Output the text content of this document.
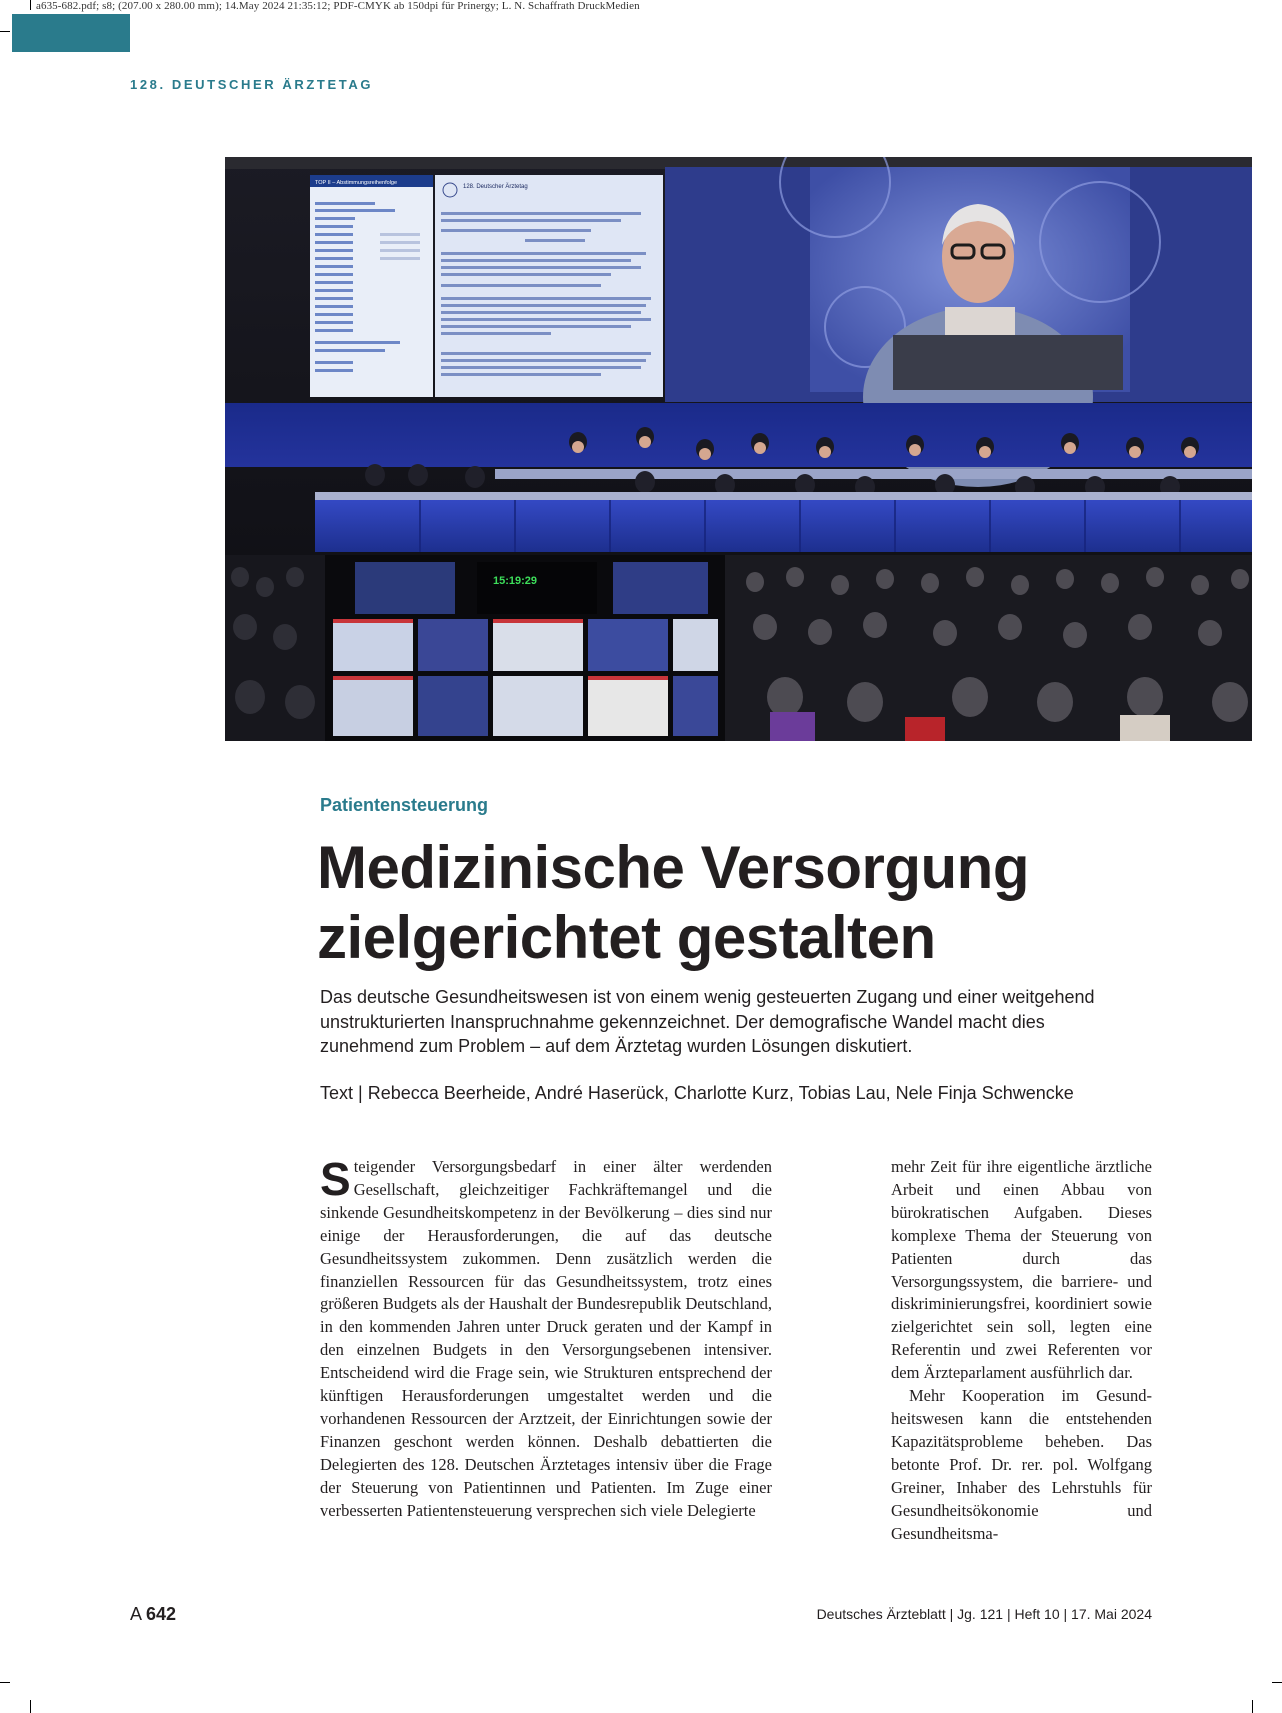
a635-682.pdf; s8; (207.00 x 280.00 mm); 14.May 2024 21:35:12; PDF-CMYK ab 150dpi für Prinergy; L. N. Schaffrath DruckMedien
128. DEUTSCHER ÄRZTETAG
TOP II – Abstimmungsreihenfolge
128. Deutscher Ärztetag
15:19:29
Patientensteuerung
Medizinische Versorgung
zielgerichtet gestalten
Das deutsche Gesundheitswesen ist von einem wenig gesteuerten Zugang und einer weitgehend unstrukturierten Inanspruchnahme gekennzeichnet. Der demografische Wandel macht dies zunehmend zum Problem – auf dem Ärztetag wurden Lösungen diskutiert.
Text | Rebecca Beerheide, André Haserück, Charlotte Kurz, Tobias Lau, Nele Finja Schwencke

Steigender Versorgungsbedarf in einer älter werdenden Gesellschaft, gleichzeitiger Fachkräftemangel und die sinkende Gesundheitskompetenz in der Bevölkerung – dies sind nur einige der Herausforderungen, die auf das deutsche Gesundheitssystem zukommen. Denn zusätzlich werden die finanziellen Ressourcen für das Gesundheitssystem, trotz eines größeren Budgets als der Haushalt der Bundesrepublik Deutschland, in den kommenden Jahren unter Druck geraten und der Kampf in den einzelnen Budgets in den Versorgungsebenen intensiver. Entscheidend wird die Frage sein, wie Strukturen entsprechend der künftigen Herausforderungen umgestaltet werden und die vorhandenen Ressourcen der Arztzeit, der Einrichtungen sowie der Finanzen geschont werden können. Deshalb debattierten die Delegierten des 128. Deutschen Ärztetages intensiv über die Frage der Steuerung von Patientinnen und Patienten. Im Zuge einer verbesserten Patientensteuerung versprechen sich viele Delegierte

mehr Zeit für ihre eigentliche ärztliche Arbeit und einen Abbau von bürokratischen Aufgaben. Dieses komplexe Thema der Steuerung von Patienten durch das Versorgungssystem, die barriere- und diskriminierungsfrei, koordiniert sowie zielgerichtet sein soll, legten eine Referentin und zwei Referenten vor dem Ärzteparlament ausführlich dar.

Mehr Kooperation im Gesundheitswesen kann die entstehenden Kapazitätsprobleme beheben. Das betonte Prof. Dr. rer. pol. Wolfgang Greiner, Inhaber des Lehrstuhls für Gesundheitsökonomie und Gesundheitsma-

A 642	Deutsches Ärzteblatt | Jg. 121 | Heft 10 | 17. Mai 2024
